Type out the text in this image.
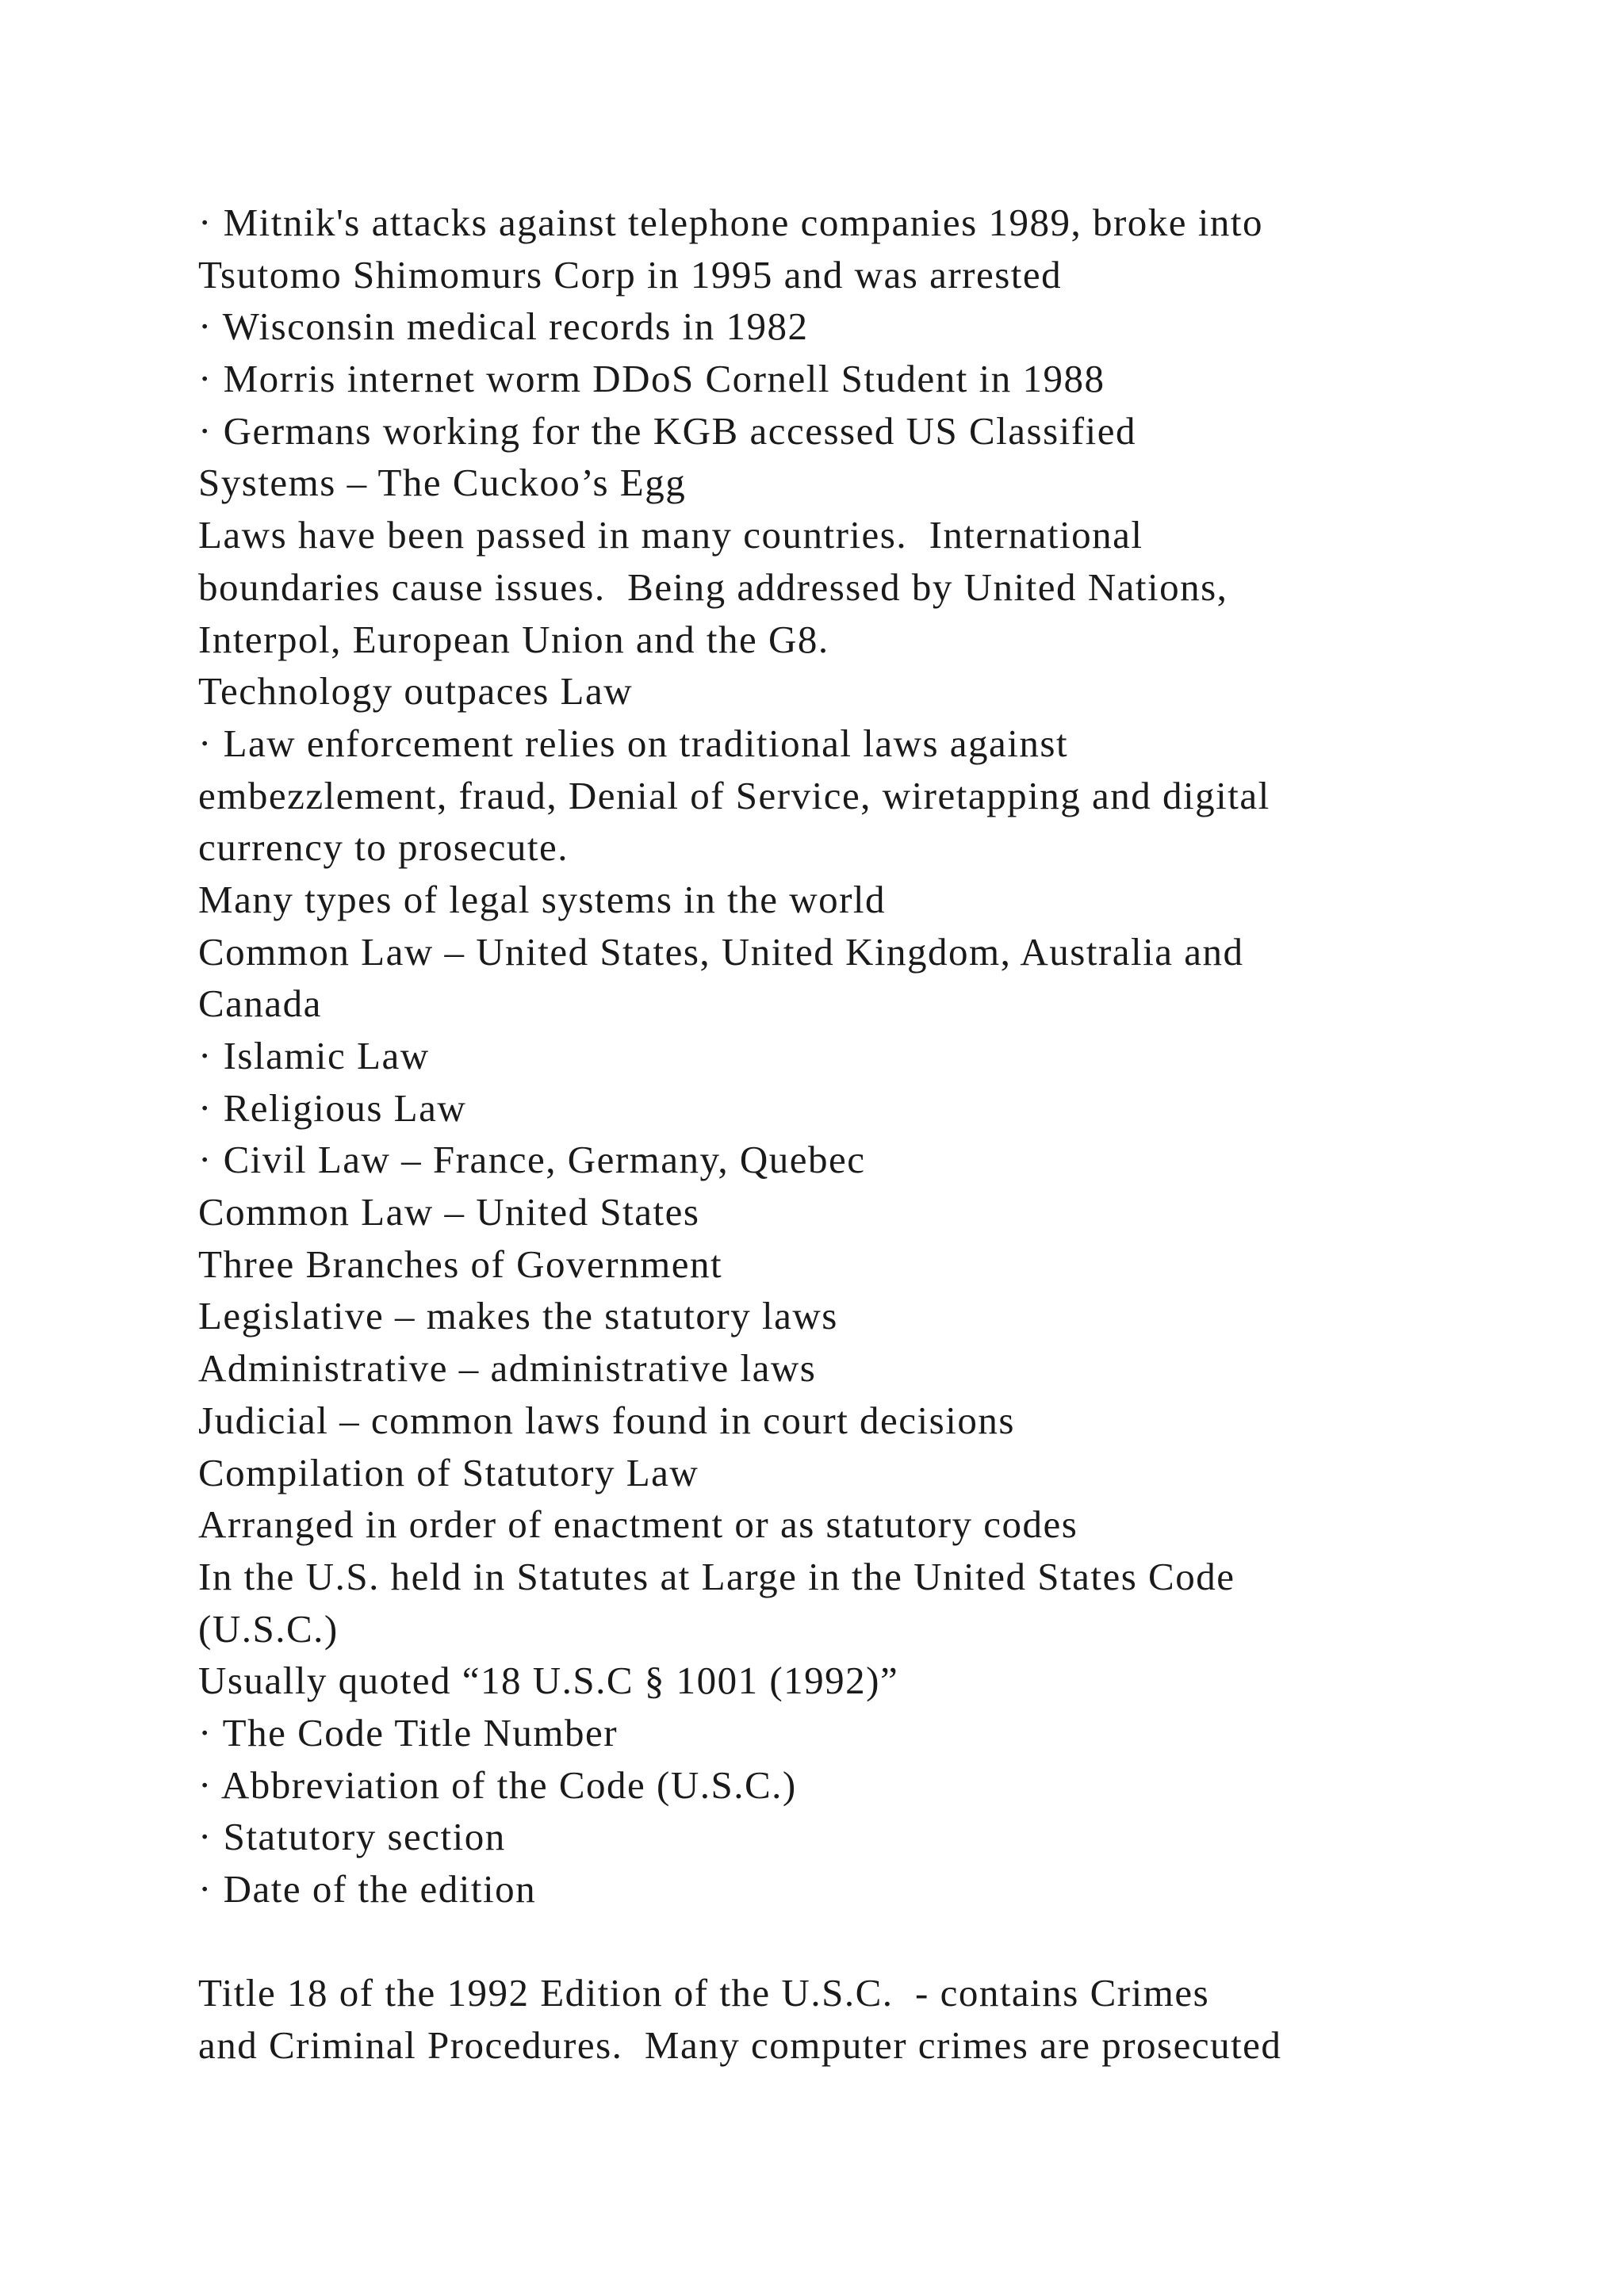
· Mitnik's attacks against telephone companies 1989, broke into
Tsutomo Shimomurs Corp in 1995 and was arrested
· Wisconsin medical records in 1982
· Morris internet worm DDoS Cornell Student in 1988
· Germans working for the KGB accessed US Classified
Systems – The Cuckoo’s Egg
Laws have been passed in many countries.  International
boundaries cause issues.  Being addressed by United Nations,
Interpol, European Union and the G8.
Technology outpaces Law
· Law enforcement relies on traditional laws against
embezzlement, fraud, Denial of Service, wiretapping and digital
currency to prosecute.
Many types of legal systems in the world
Common Law – United States, United Kingdom, Australia and
Canada
· Islamic Law
· Religious Law
· Civil Law – France, Germany, Quebec
Common Law – United States
Three Branches of Government
Legislative – makes the statutory laws
Administrative – administrative laws
Judicial – common laws found in court decisions
Compilation of Statutory Law
Arranged in order of enactment or as statutory codes
In the U.S. held in Statutes at Large in the United States Code
(U.S.C.)
Usually quoted “18 U.S.C § 1001 (1992)”
· The Code Title Number
· Abbreviation of the Code (U.S.C.)
· Statutory section
· Date of the edition
Title 18 of the 1992 Edition of the U.S.C.  - contains Crimes
and Criminal Procedures.  Many computer crimes are prosecuted
